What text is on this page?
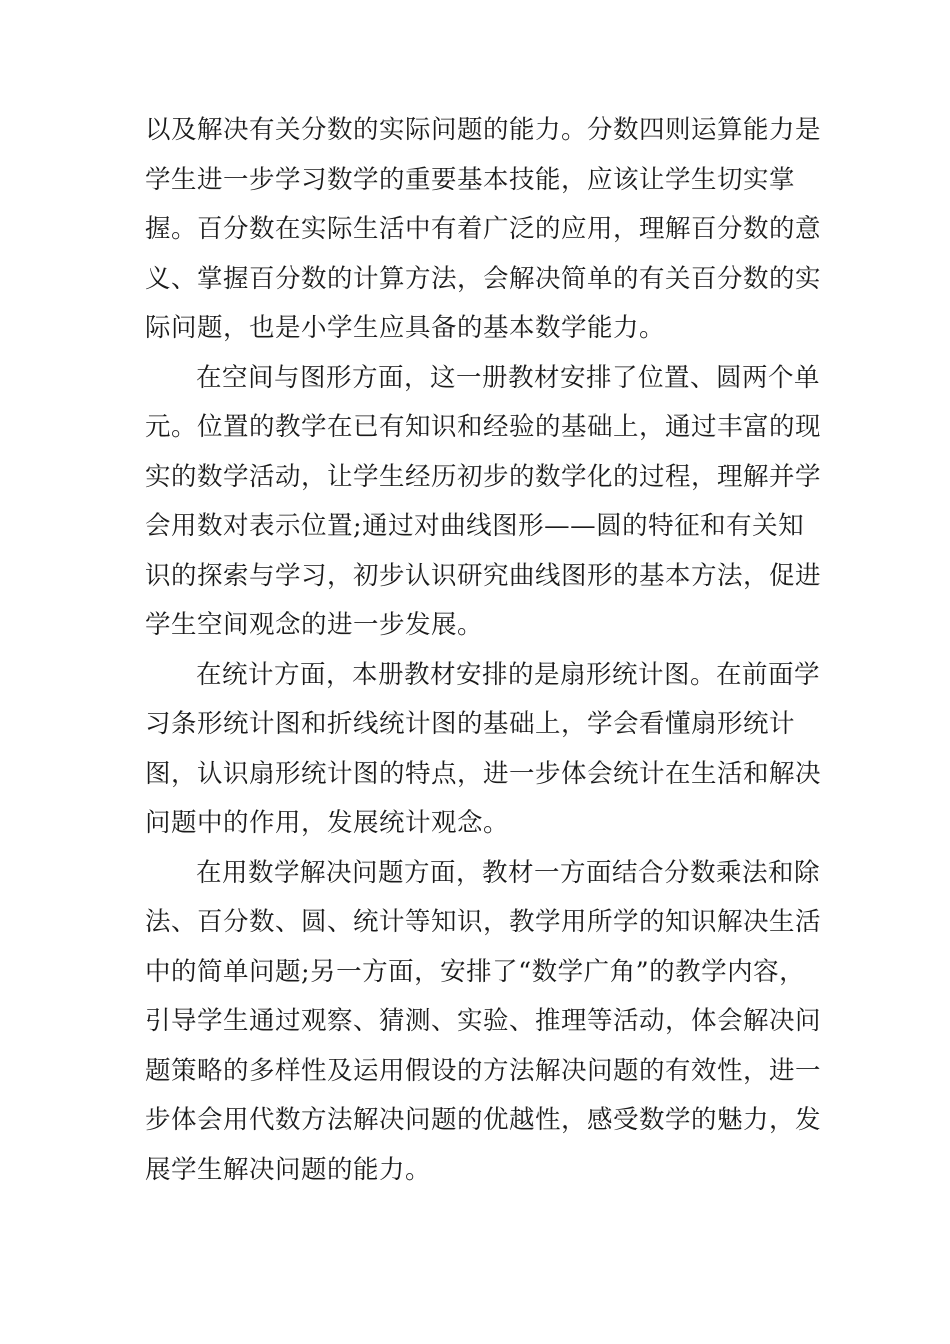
以及解决有关分数的实际问题的能力。分数四则运算能力是
学生进一步学习数学的重要基本技能，应该让学生切实掌
握。百分数在实际生活中有着广泛的应用，理解百分数的意
义、掌握百分数的计算方法，会解决简单的有关百分数的实
际问题，也是小学生应具备的基本数学能力。
在空间与图形方面，这一册教材安排了位置、圆两个单
元。位置的教学在已有知识和经验的基础上，通过丰富的现
实的数学活动，让学生经历初步的数学化的过程，理解并学
会用数对表示位置;通过对曲线图形——圆的特征和有关知
识的探索与学习，初步认识研究曲线图形的基本方法，促进
学生空间观念的进一步发展。
在统计方面，本册教材安排的是扇形统计图。在前面学
习条形统计图和折线统计图的基础上，学会看懂扇形统计
图，认识扇形统计图的特点，进一步体会统计在生活和解决
问题中的作用，发展统计观念。
在用数学解决问题方面，教材一方面结合分数乘法和除
法、百分数、圆、统计等知识，教学用所学的知识解决生活
中的简单问题;另一方面，安排了“数学广角”的教学内容，
引导学生通过观察、猜测、实验、推理等活动，体会解决问
题策略的多样性及运用假设的方法解决问题的有效性，进一
步体会用代数方法解决问题的优越性，感受数学的魅力，发
展学生解决问题的能力。
